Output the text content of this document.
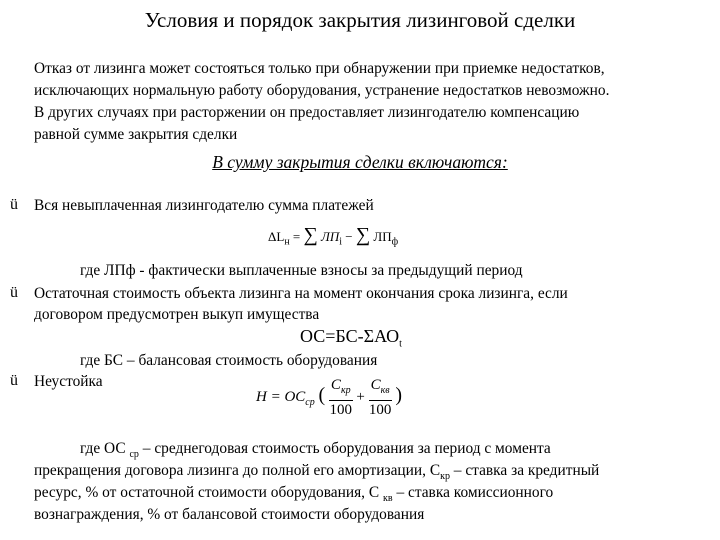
Условия и порядок закрытия лизинговой сделки
Отказ от лизинга может состояться только при обнаружении при приемке недостатков,
исключающих нормальную работу оборудования, устранение недостатков невозможно.
В других случаях при расторжении он предоставляет лизингодателю компенсацию
равной сумме закрытия сделки
В сумму закрытия сделки включаются:
ü Вся невыплаченная лизингодателю сумма платежей
$\Delta L_н$ = ∑ $ЛП_i$ − ∑ $ЛП_ф$
где ЛПф - фактически выплаченные взносы за предыдущий период
ü Остаточная стоимость объекта лизинга на момент окончания срока лизинга, если
договором предусмотрен выкуп имущества
$ОС=БС-\Sigma АО_t$
где БС – балансовая стоимость оборудования
ü Неустойка
$Н = ОС_{ср}$ ( $\frac{С_{кр}}{100} + \frac{С_{кв}}{100}$ )
где ОС $_{ср}$ – среднегодовая стоимость оборудования за период с момента
прекращения договора лизинга до полной его амортизации, $С_{кр}$ – ставка за кредитный
ресурс, % от остаточной стоимости оборудования, С $_{кв}$ – ставка комиссионного
вознаграждения, % от балансовой стоимости оборудования
